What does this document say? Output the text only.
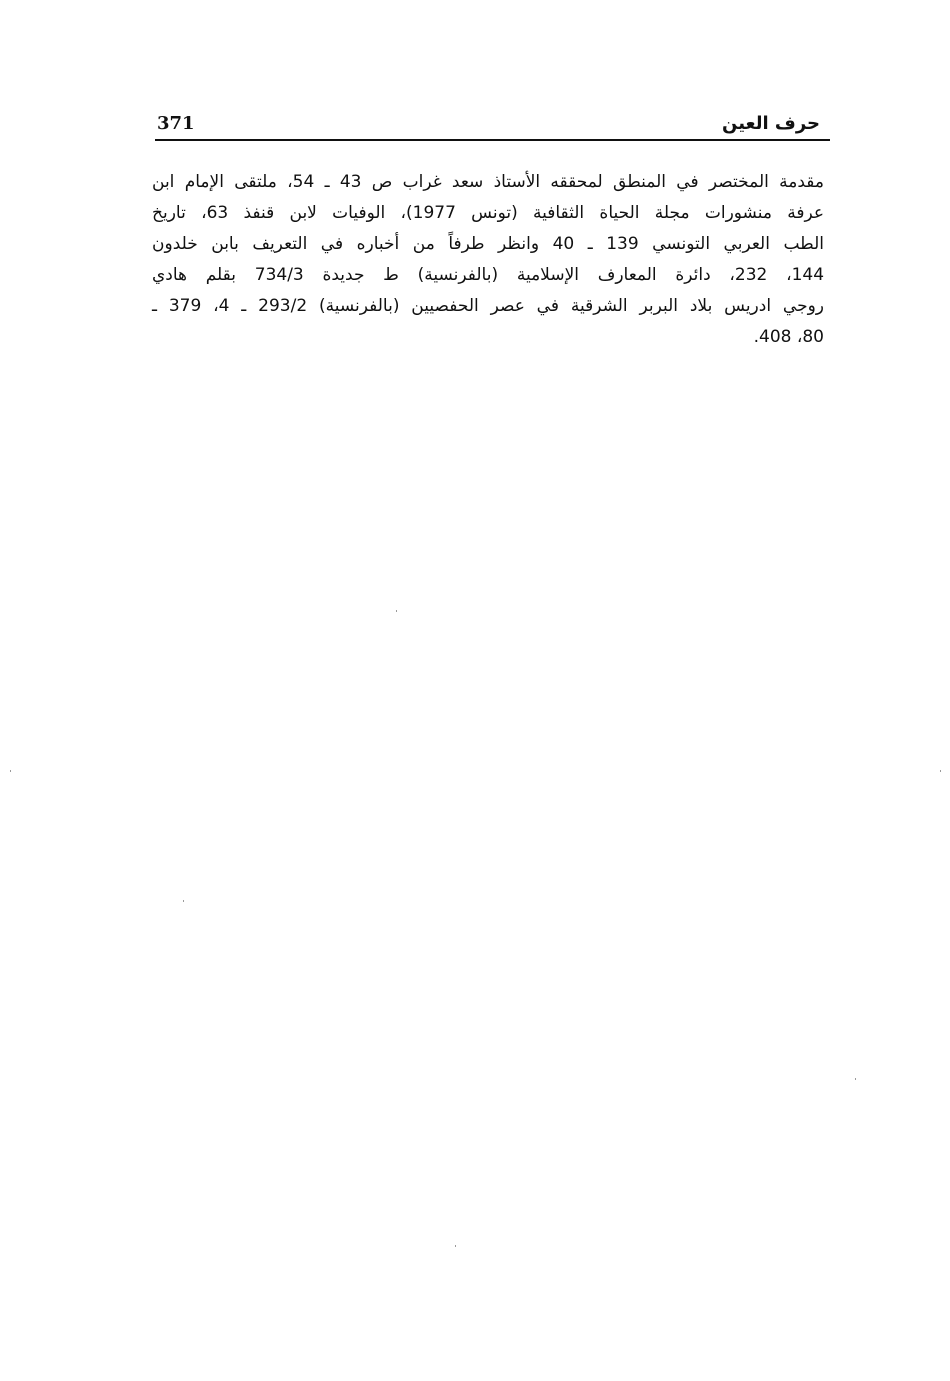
371	حرف العين
مقدمة المختصر في المنطق لمحققه الأستاذ سعد غراب ص 43 ـ 54، ملتقى الإمام ابن
عرفة منشورات مجلة الحياة الثقافية (تونس 1977)، الوفيات لابن قنفذ 63، تاريخ
الطب العربي التونسي 139 ـ 40 وانظر طرفاً من أخباره في التعريف بابن خلدون
144، 232، دائرة المعارف الإسلامية (بالفرنسية) ط جديدة 734/3 بقلم هادي
روجي ادريس بلاد البربر الشرقية في عصر الحفصيين (بالفرنسية) 293/2 ـ 4، 379 ـ
80، 408.
